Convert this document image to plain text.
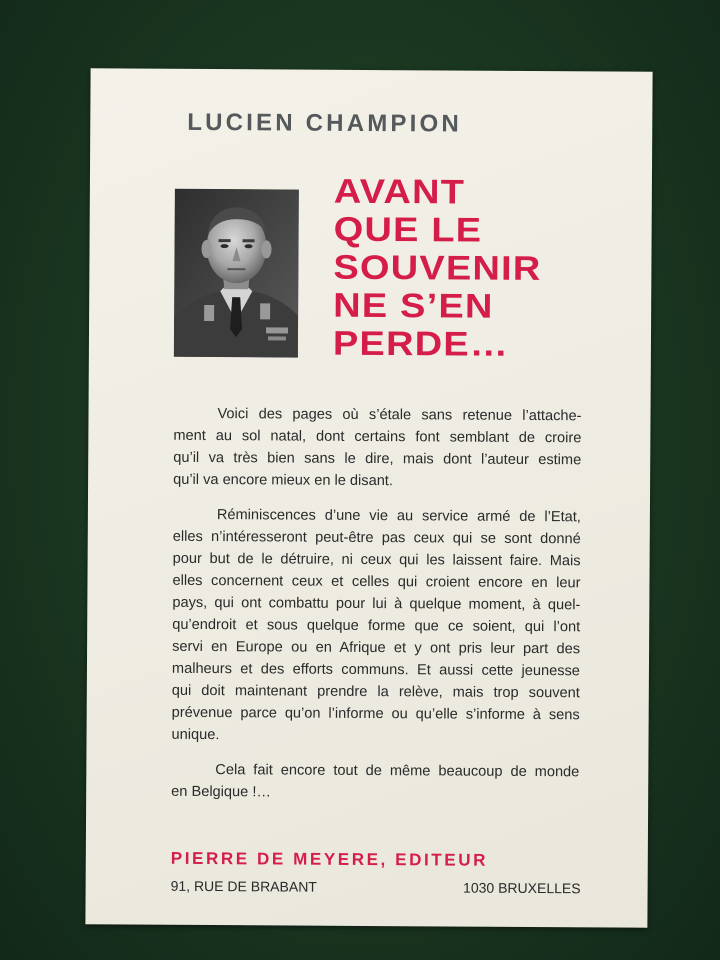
LUCIEN CHAMPION
AVANT
QUE LE
SOUVENIR
NE S’EN
PERDE…
Voici des pages où s’étale sans retenue l’attache-
ment au sol natal, dont certains font semblant de croire
qu’il va très bien sans le dire, mais dont l’auteur estime
qu’il va encore mieux en le disant.
Réminiscences d’une vie au service armé de l’Etat,
elles n’intéresseront peut-être pas ceux qui se sont donné
pour but de le détruire, ni ceux qui les laissent faire. Mais
elles concernent ceux et celles qui croient encore en leur
pays, qui ont combattu pour lui à quelque moment, à quel-
qu’endroit et sous quelque forme que ce soient, qui l’ont
servi en Europe ou en Afrique et y ont pris leur part des
malheurs et des efforts communs. Et aussi cette jeunesse
qui doit maintenant prendre la relève, mais trop souvent
prévenue parce qu’on l’informe ou qu’elle s’informe à sens
unique.
Cela fait encore tout de même beaucoup de monde
en Belgique !…
PIERRE DE MEYERE, EDITEUR
91, RUE DE BRABANT	1030 BRUXELLES
